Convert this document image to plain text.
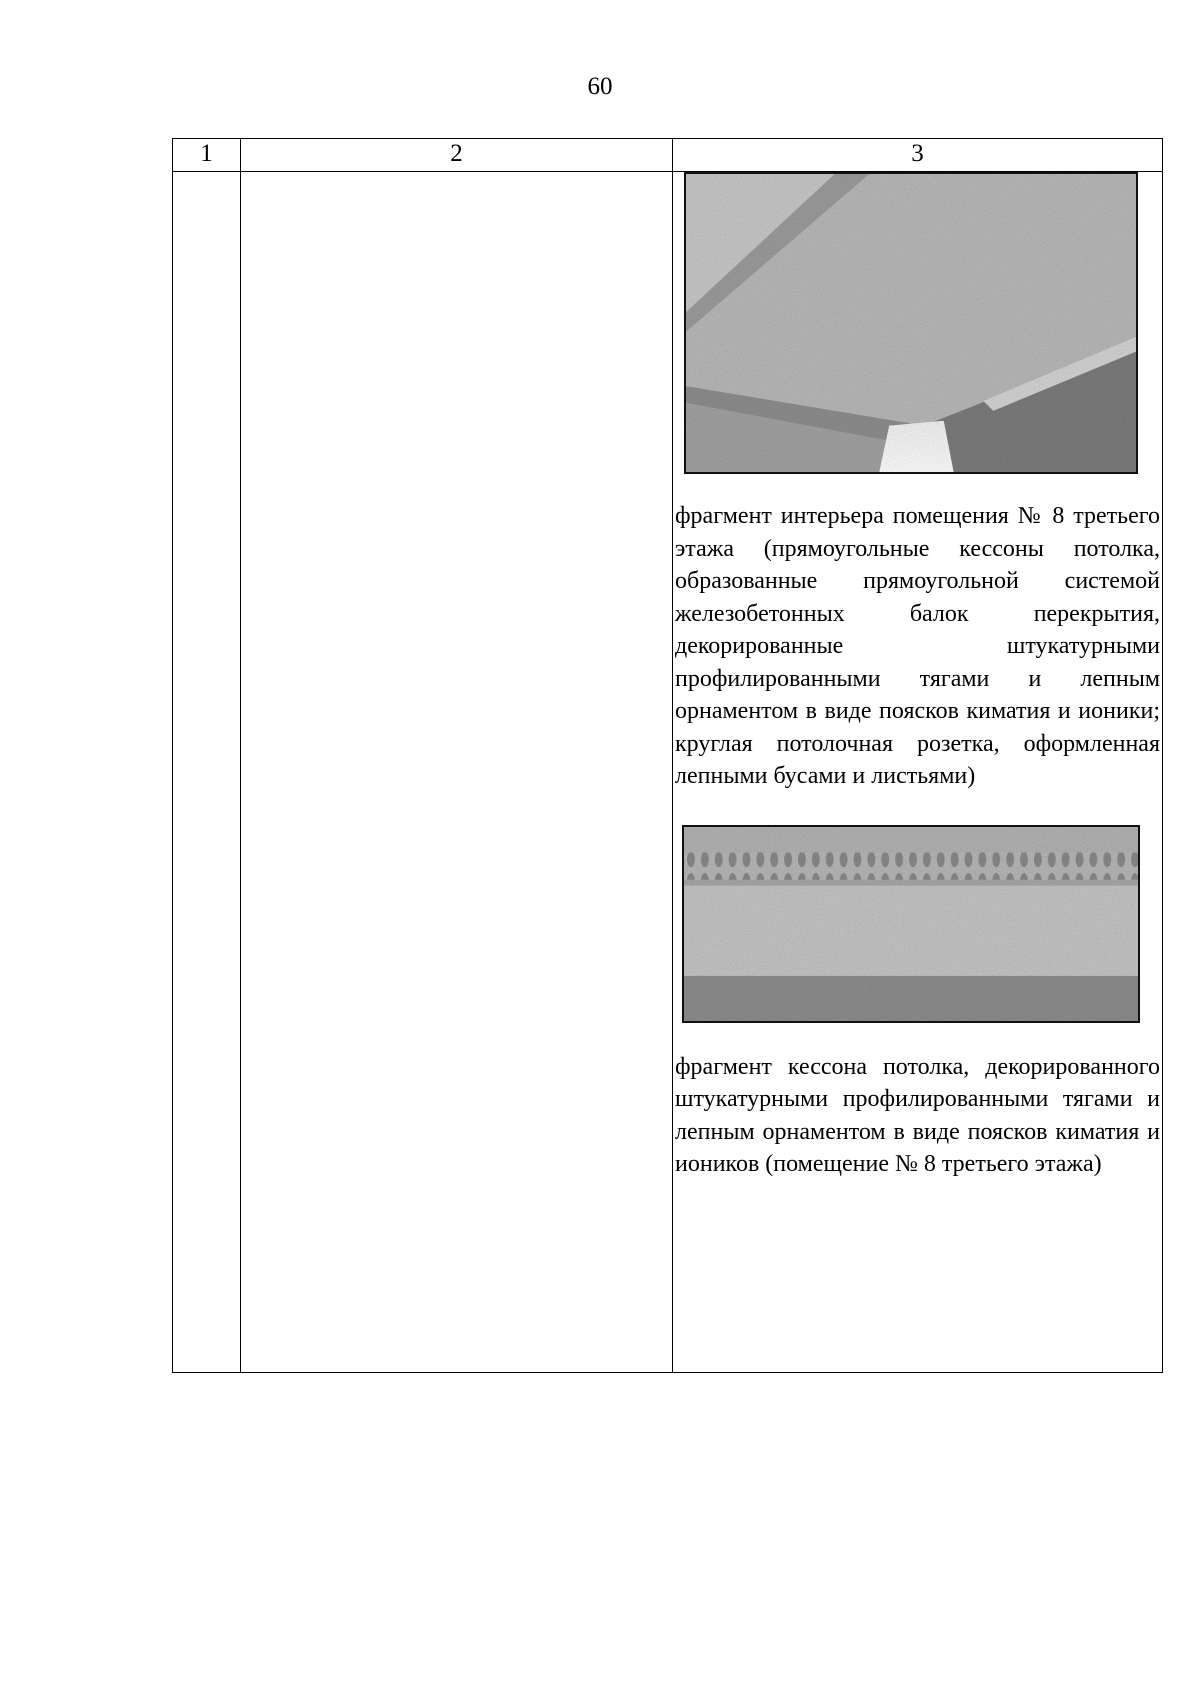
60
1	2	3

		фрагмент интерьера помещения № 8 третьего этажа (прямоугольные кессоны потолка, образованные прямоугольной системой железобетонных балок перекрытия, декорированные штукатурными профилированными тягами и лепным орнаментом в виде поясков киматия и ионики; круглая потолочная розетка, оформленная лепными бусами и листьями)

фрагмент кессона потолка, декорированного штукатурными профилированными тягами и лепным орнаментом в виде поясков киматия и иоников (помещение № 8 третьего этажа)
